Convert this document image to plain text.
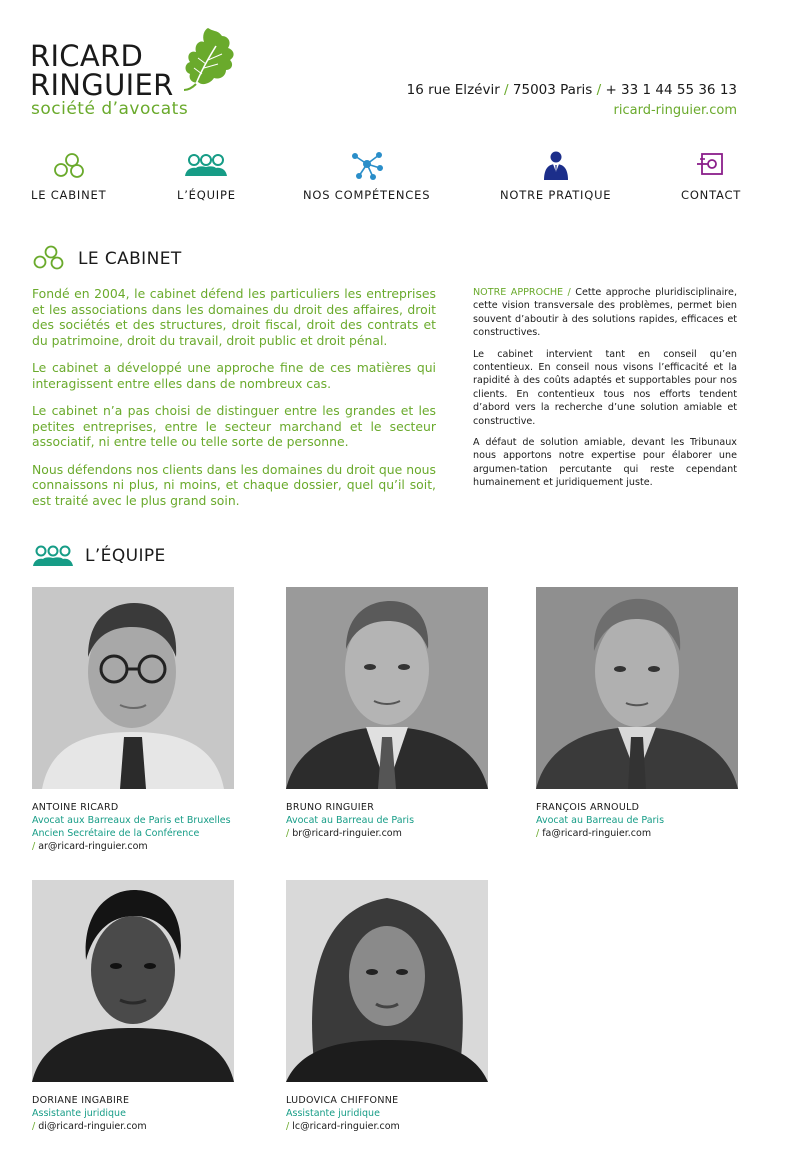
RICARD
RINGUIER
société d’avocats
16 rue Elzévir / 75003 Paris / + 33 1 44 55 36 13
ricard-ringuier.com
LE CABINET	L’ÉQUIPE	NOS COMPÉTENCES	NOTRE PRATIQUE	CONTACT
LE CABINET

Fondé en 2004, le cabinet défend les particuliers les entreprises et les associations dans les domaines du droit des affaires, droit des sociétés et des structures, droit fiscal, droit des contrats et du patrimoine, droit du travail, droit public et droit pénal.

Le cabinet a développé une approche fine de ces matières qui interagissent entre elles dans de nombreux cas.

Le cabinet n’a pas choisi de distinguer entre les grandes et les petites entreprises, entre le secteur marchand et le secteur associatif, ni entre telle ou telle sorte de personne.

Nous défendons nos clients dans les domaines du droit que nous connaissons ni plus, ni moins, et chaque dossier, quel qu’il soit, est traité avec le plus grand soin.

NOTRE APPROCHE / Cette approche pluridisciplinaire, cette vision transversale des problèmes, permet bien souvent d’aboutir à des solutions rapides, efficaces et constructives.

Le cabinet intervient tant en conseil qu’en contentieux. En conseil nous visons l’efficacité et la rapidité à des coûts adaptés et supportables pour nos clients. En contentieux tous nos efforts tendent d’abord vers la recherche d’une solution amiable et constructive.

A défaut de solution amiable, devant les Tribunaux nous apportons notre expertise pour élaborer une argumen-tation percutante qui reste cependant humainement et juridiquement juste.

L’ÉQUIPE
ANTOINE RICARD
Avocat aux Barreaux de Paris et Bruxelles
Ancien Secrétaire de la Conférence
/ ar@ricard-ringuier.com
BRUNO RINGUIER
Avocat au Barreau de Paris
/ br@ricard-ringuier.com
FRANÇOIS ARNOULD
Avocat au Barreau de Paris
/ fa@ricard-ringuier.com
DORIANE INGABIRE
Assistante juridique
/ di@ricard-ringuier.com
LUDOVICA CHIFFONNE
Assistante juridique
/ lc@ricard-ringuier.com
